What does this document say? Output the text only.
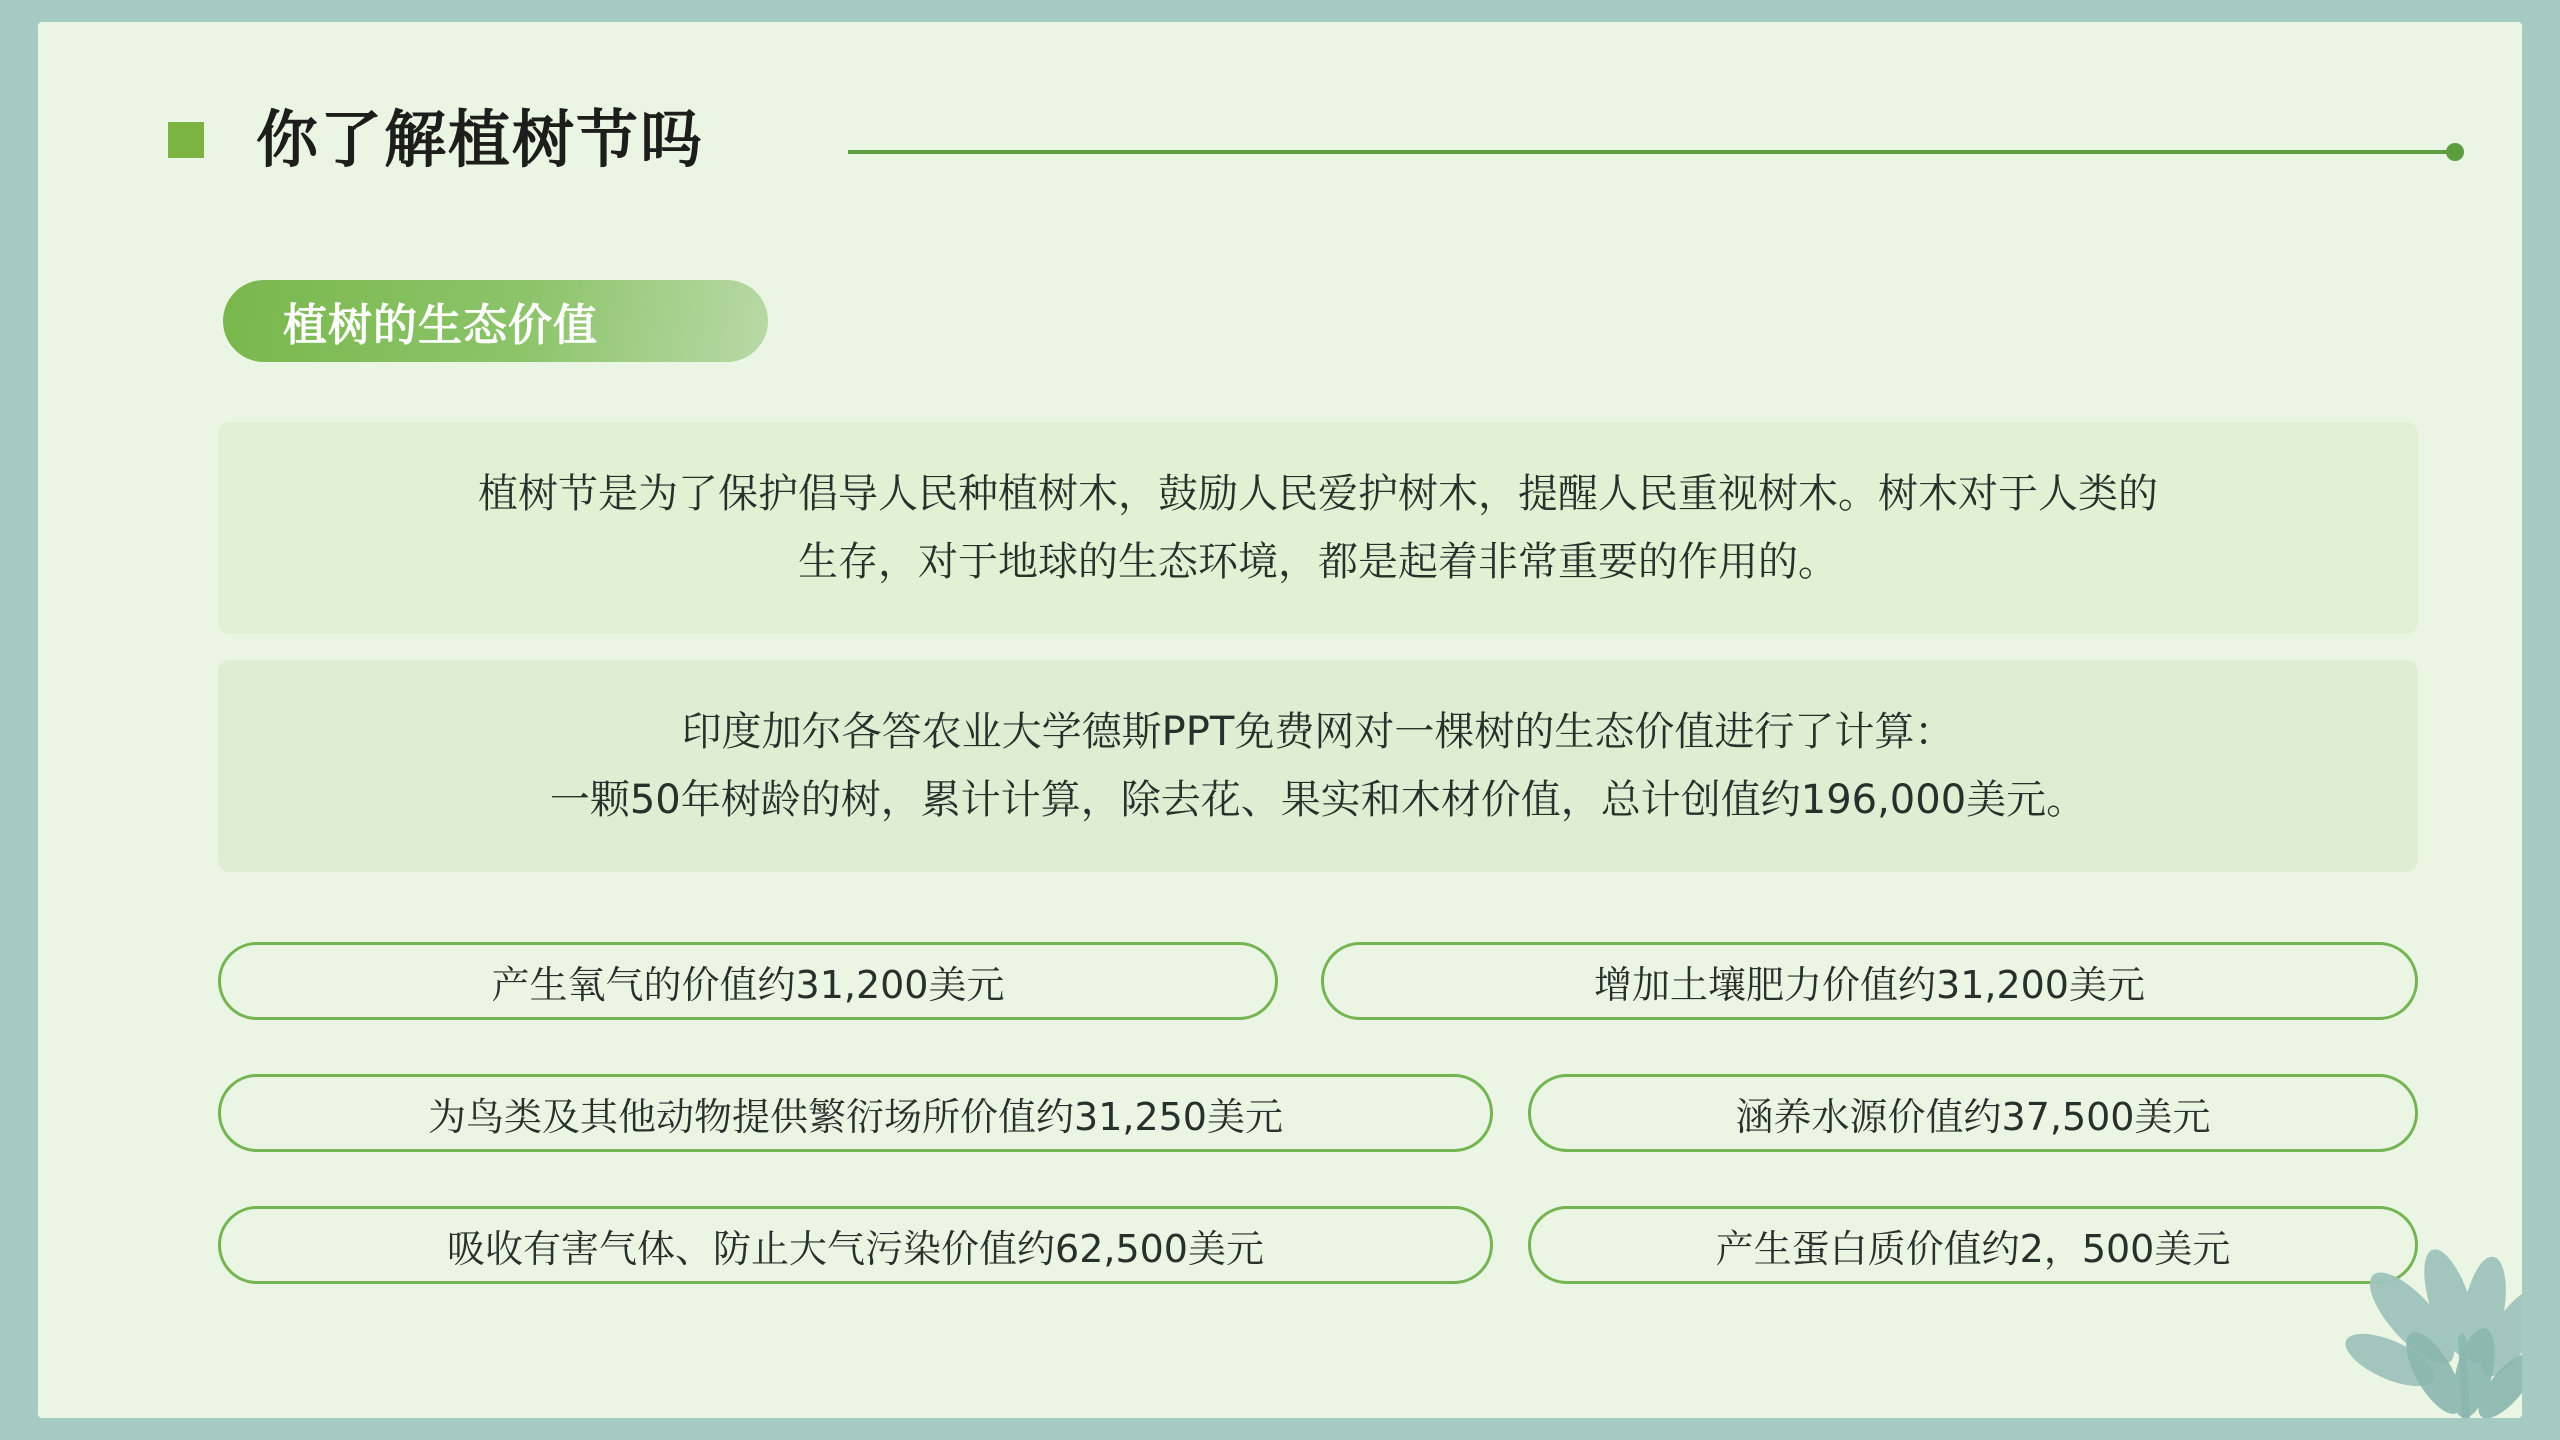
你了解植树节吗
植树的生态价值
植树节是为了保护倡导人民种植树木，鼓励人民爱护树木，提醒人民重视树木。树木对于人类的
生存，对于地球的生态环境，都是起着非常重要的作用的。
印度加尔各答农业大学德斯PPT免费网对一棵树的生态价值进行了计算：
一颗50年树龄的树，累计计算，除去花、果实和木材价值，总计创值约196,000美元。
产生氧气的价值约31,200美元	增加土壤肥力价值约31,200美元
为鸟类及其他动物提供繁衍场所价值约31,250美元	涵养水源价值约37,500美元
吸收有害气体、防止大气污染价值约62,500美元	产生蛋白质价值约2，500美元
